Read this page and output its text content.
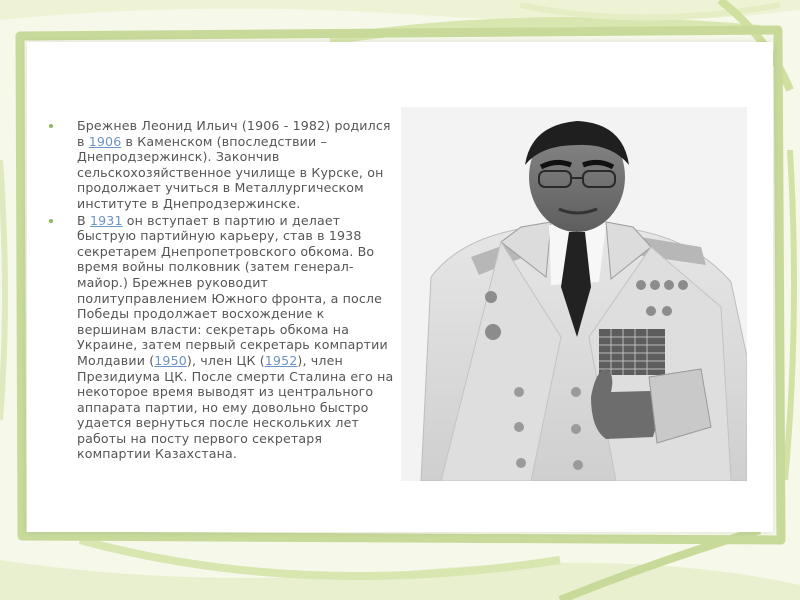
Брежнев Леонид Ильич (1906 - 1982) родился в 1906 в Каменском (впоследствии – Днепродзержинск). Закончив сельскохозяйственное училище в Курске, он продолжает учиться в Металлургическом институте в Днепродзержинске.
В 1931 он вступает в партию и делает быструю партийную карьеру, став в 1938 секретарем Днепропетровского обкома. Во время войны полковник (затем генерал-майор.) Брежнев руководит политуправлением Южного фронта, а после Победы продолжает восхождение к вершинам власти: секретарь обкома на Украине, затем первый секретарь компартии Молдавии (1950), член ЦК (1952), член Президиума ЦК. После смерти Сталина его на некоторое время выводят из центрального аппарата партии, но ему довольно быстро удается вернуться после нескольких лет работы на посту первого секретаря компартии Казахстана.
